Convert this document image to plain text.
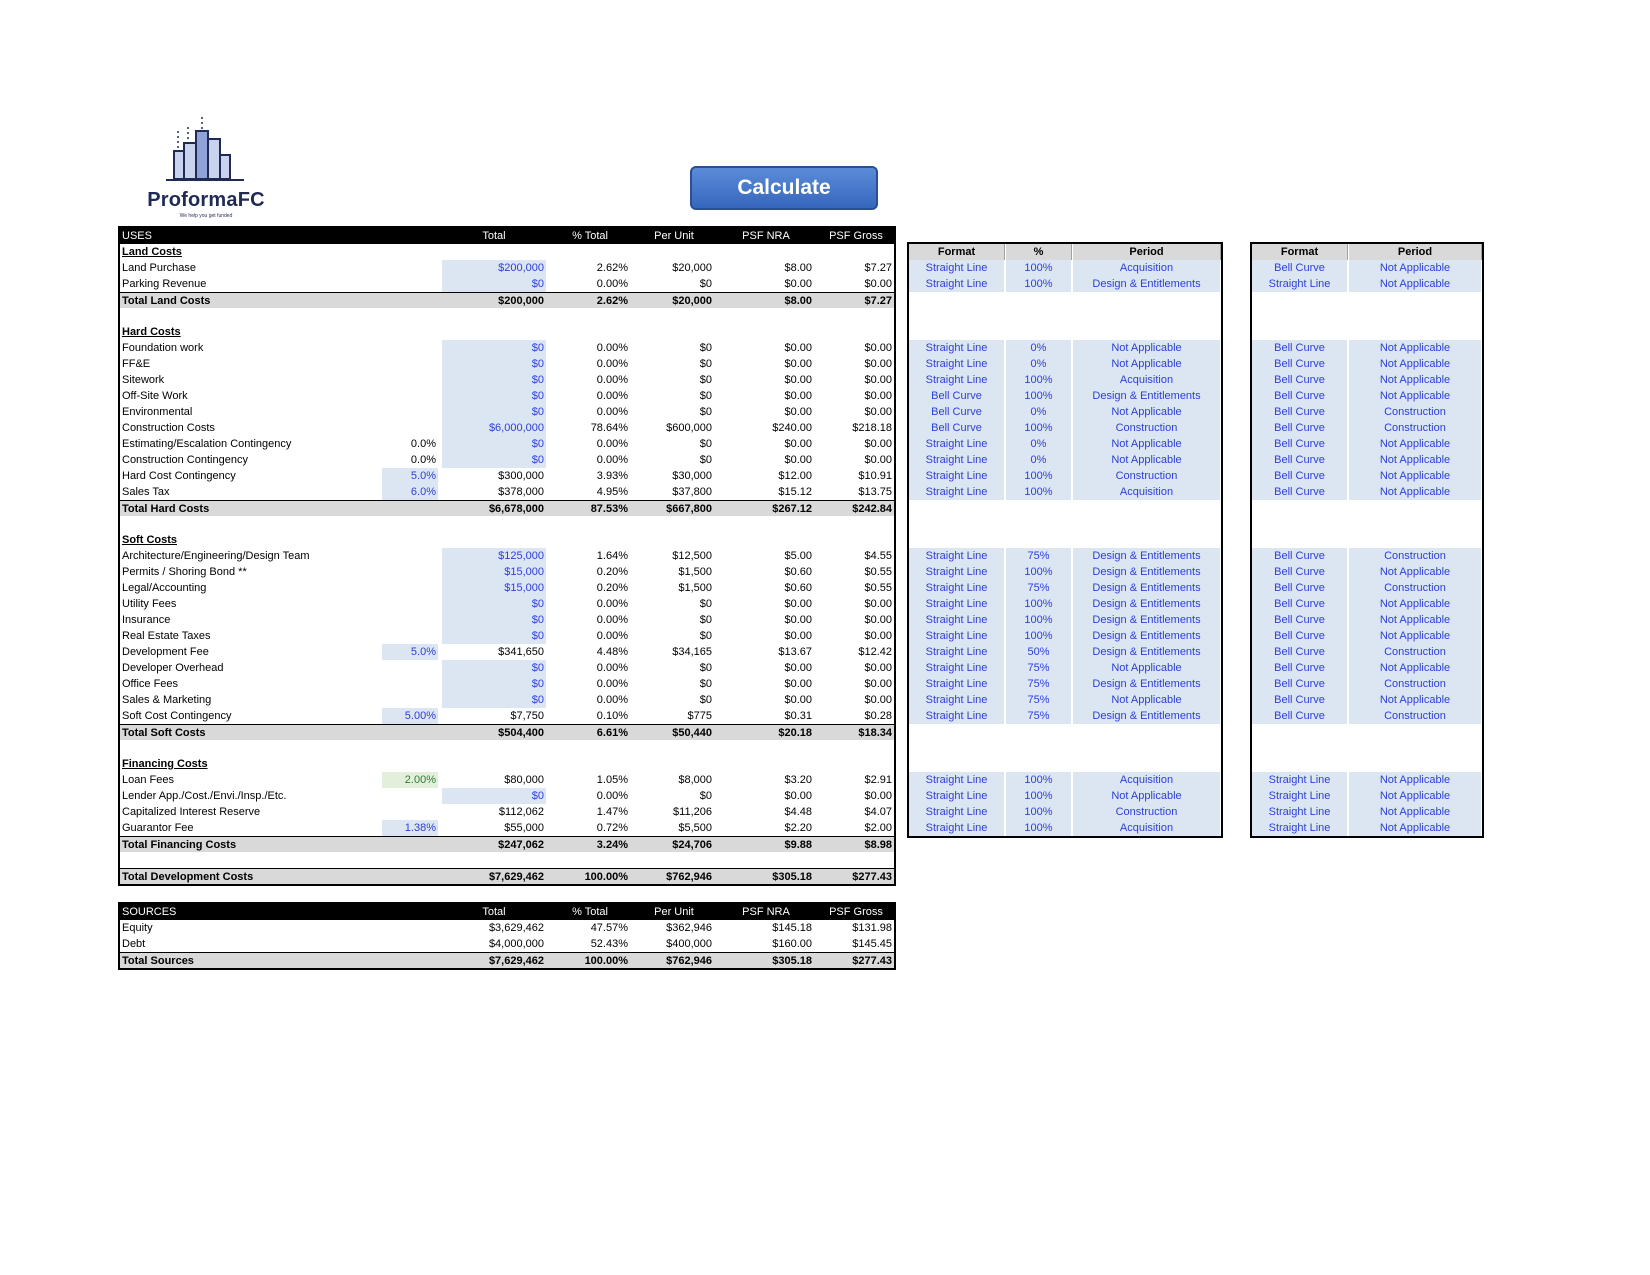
ProformaFC
We help you get funded
Calculate
USES	Total	% Total	Per Unit	PSF NRA	PSF Gross
Land Costs
Land Purchase	$200,000	2.62%	$20,000	$8.00	$7.27
Parking Revenue	$0	0.00%	$0	$0.00	$0.00
Total Land Costs	$200,000	2.62%	$20,000	$8.00	$7.27
Hard Costs
Foundation work	$0	0.00%	$0	$0.00	$0.00
FF&E	$0	0.00%	$0	$0.00	$0.00
Sitework	$0	0.00%	$0	$0.00	$0.00
Off-Site Work	$0	0.00%	$0	$0.00	$0.00
Environmental	$0	0.00%	$0	$0.00	$0.00
Construction Costs	$6,000,000	78.64%	$600,000	$240.00	$218.18
Estimating/Escalation Contingency	0.0%	$0	0.00%	$0	$0.00	$0.00
Construction Contingency	0.0%	$0	0.00%	$0	$0.00	$0.00
Hard Cost Contingency	5.0%	$300,000	3.93%	$30,000	$12.00	$10.91
Sales Tax	6.0%	$378,000	4.95%	$37,800	$15.12	$13.75
Total Hard Costs	$6,678,000	87.53%	$667,800	$267.12	$242.84
Soft Costs
Architecture/Engineering/Design Team	$125,000	1.64%	$12,500	$5.00	$4.55
Permits / Shoring Bond **	$15,000	0.20%	$1,500	$0.60	$0.55
Legal/Accounting	$15,000	0.20%	$1,500	$0.60	$0.55
Utility Fees	$0	0.00%	$0	$0.00	$0.00
Insurance	$0	0.00%	$0	$0.00	$0.00
Real Estate Taxes	$0	0.00%	$0	$0.00	$0.00
Development Fee	5.0%	$341,650	4.48%	$34,165	$13.67	$12.42
Developer Overhead	$0	0.00%	$0	$0.00	$0.00
Office Fees	$0	0.00%	$0	$0.00	$0.00
Sales & Marketing	$0	0.00%	$0	$0.00	$0.00
Soft Cost Contingency	5.00%	$7,750	0.10%	$775	$0.31	$0.28
Total Soft Costs	$504,400	6.61%	$50,440	$20.18	$18.34
Financing Costs
Loan Fees	2.00%	$80,000	1.05%	$8,000	$3.20	$2.91
Lender App./Cost./Envi./Insp./Etc.	$0	0.00%	$0	$0.00	$0.00
Capitalized Interest Reserve	$112,062	1.47%	$11,206	$4.48	$4.07
Guarantor Fee	1.38%	$55,000	0.72%	$5,500	$2.20	$2.00
Total Financing Costs	$247,062	3.24%	$24,706	$9.88	$8.98
Total Development Costs	$7,629,462	100.00%	$762,946	$305.18	$277.43
SOURCES	Total	% Total	Per Unit	PSF NRA	PSF Gross
Equity	$3,629,462	47.57%	$362,946	$145.18	$131.98
Debt	$4,000,000	52.43%	$400,000	$160.00	$145.45
Total Sources	$7,629,462	100.00%	$762,946	$305.18	$277.43
Format	%	Period
Straight Line	100%	Acquisition
Straight Line	100%	Design & Entitlements
Straight Line	0%	Not Applicable
Straight Line	0%	Not Applicable
Straight Line	100%	Acquisition
Bell Curve	100%	Design & Entitlements
Bell Curve	0%	Not Applicable
Bell Curve	100%	Construction
Straight Line	0%	Not Applicable
Straight Line	0%	Not Applicable
Straight Line	100%	Construction
Straight Line	100%	Acquisition
Straight Line	75%	Design & Entitlements
Straight Line	100%	Design & Entitlements
Straight Line	75%	Design & Entitlements
Straight Line	100%	Design & Entitlements
Straight Line	100%	Design & Entitlements
Straight Line	100%	Design & Entitlements
Straight Line	50%	Design & Entitlements
Straight Line	75%	Not Applicable
Straight Line	75%	Design & Entitlements
Straight Line	75%	Not Applicable
Straight Line	75%	Design & Entitlements
Straight Line	100%	Acquisition
Straight Line	100%	Not Applicable
Straight Line	100%	Construction
Straight Line	100%	Acquisition
Format	Period
Bell Curve	Not Applicable
Straight Line	Not Applicable
Bell Curve	Not Applicable
Bell Curve	Not Applicable
Bell Curve	Not Applicable
Bell Curve	Not Applicable
Bell Curve	Construction
Bell Curve	Construction
Bell Curve	Not Applicable
Bell Curve	Not Applicable
Bell Curve	Not Applicable
Bell Curve	Not Applicable
Bell Curve	Construction
Bell Curve	Not Applicable
Bell Curve	Construction
Bell Curve	Not Applicable
Bell Curve	Not Applicable
Bell Curve	Not Applicable
Bell Curve	Construction
Bell Curve	Not Applicable
Bell Curve	Construction
Bell Curve	Not Applicable
Bell Curve	Construction
Straight Line	Not Applicable
Straight Line	Not Applicable
Straight Line	Not Applicable
Straight Line	Not Applicable
